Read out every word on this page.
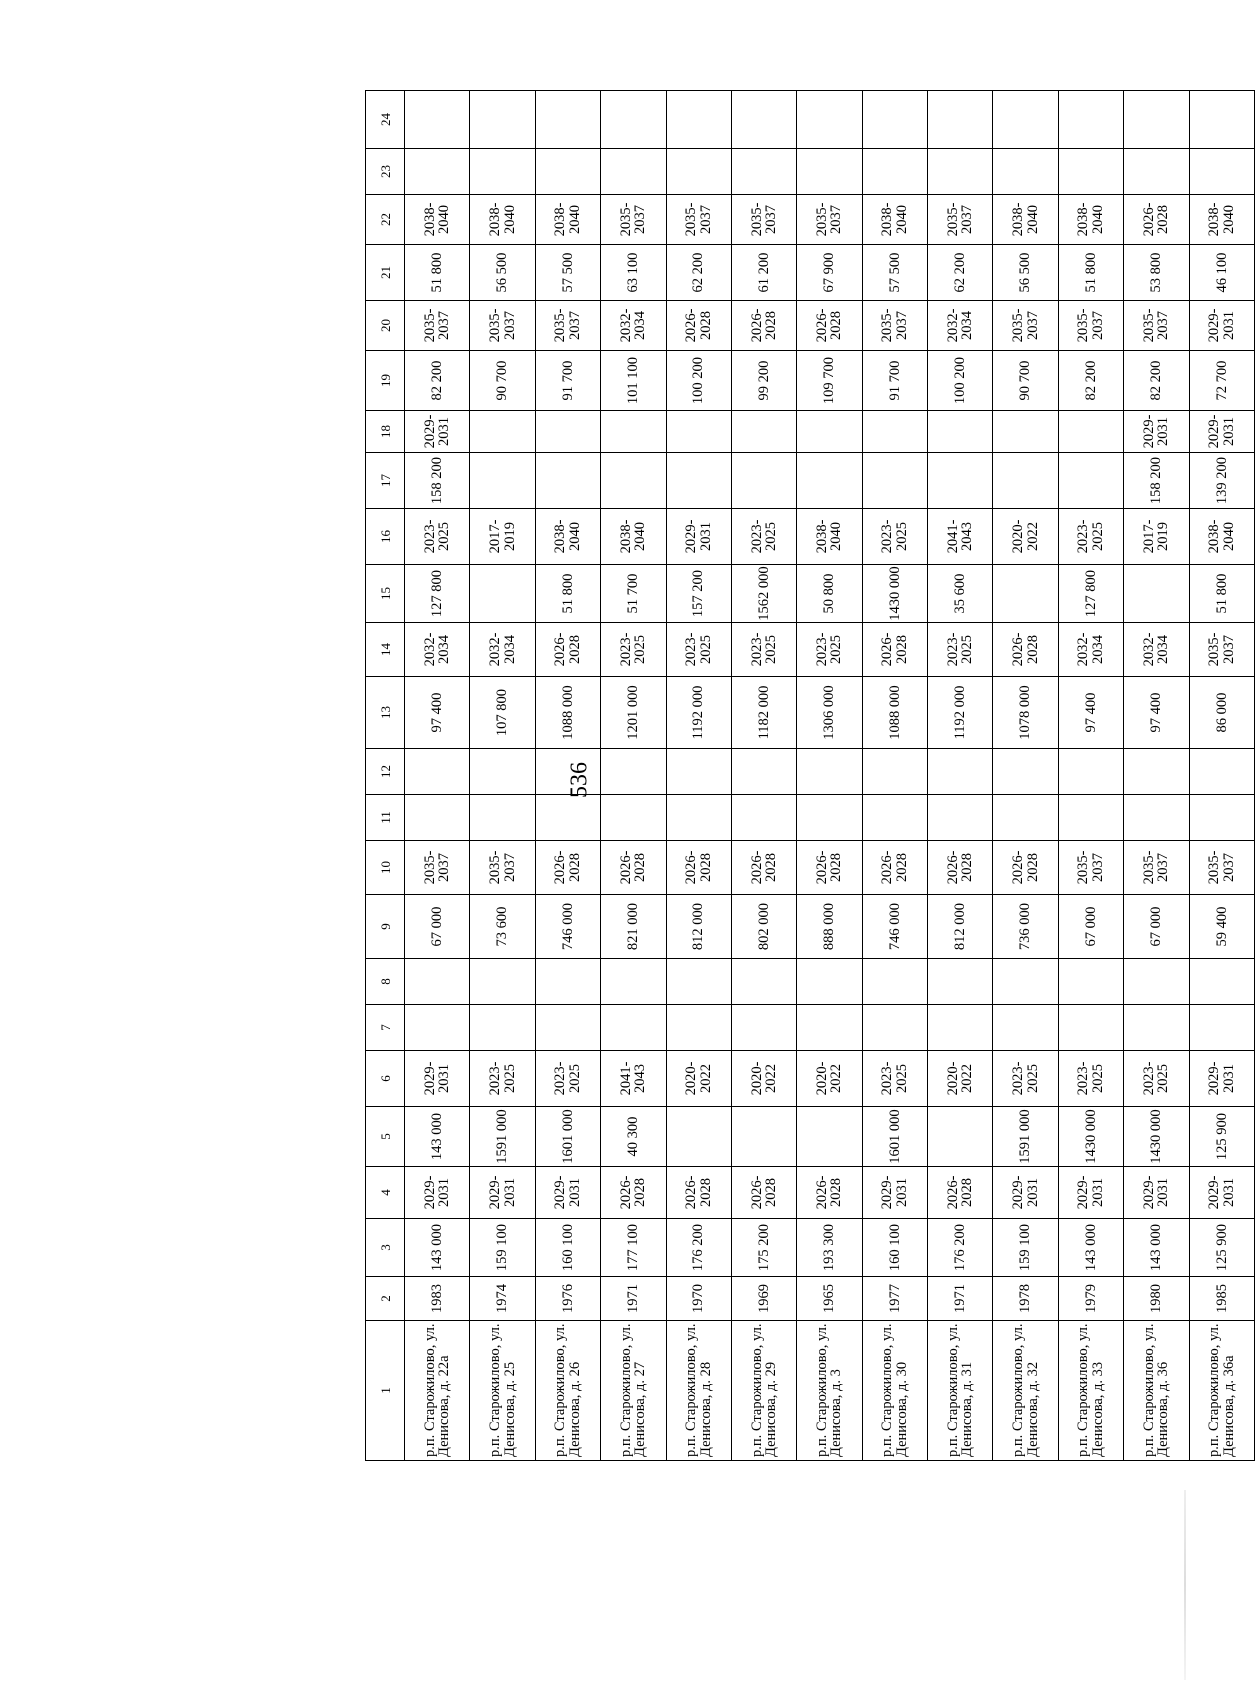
536
1	2	3	4	5	6	7	8	9	10	11	12	13	14	15	16	17	18	19	20	21	22	23	24
р.п. Старожилово, ул. Денисова, д. 22а	1983	143 000	2029-2031	143 000	2029-2031			67 000	2035-2037			97 400	2032-2034	127 800	2023-2025	158 200	2029-2031	82 200	2035-2037	51 800	2038-2040		
р.п. Старожилово, ул. Денисова, д. 25	1974	159 100	2029-2031	1591 000	2023-2025			73 600	2035-2037			107 800	2032-2034		2017-2019			90 700	2035-2037	56 500	2038-2040		
р.п. Старожилово, ул. Денисова, д. 26	1976	160 100	2029-2031	1601 000	2023-2025			746 000	2026-2028			1088 000	2026-2028	51 800	2038-2040			91 700	2035-2037	57 500	2038-2040		
р.п. Старожилово, ул. Денисова, д. 27	1971	177 100	2026-2028	40 300	2041-2043			821 000	2026-2028			1201 000	2023-2025	51 700	2038-2040			101 100	2032-2034	63 100	2035-2037		
р.п. Старожилово, ул. Денисова, д. 28	1970	176 200	2026-2028		2020-2022			812 000	2026-2028			1192 000	2023-2025	157 200	2029-2031			100 200	2026-2028	62 200	2035-2037		
р.п. Старожилово, ул. Денисова, д. 29	1969	175 200	2026-2028		2020-2022			802 000	2026-2028			1182 000	2023-2025	1562 000	2023-2025			99 200	2026-2028	61 200	2035-2037		
р.п. Старожилово, ул. Денисова, д. 3	1965	193 300	2026-2028		2020-2022			888 000	2026-2028			1306 000	2023-2025	50 800	2038-2040			109 700	2026-2028	67 900	2035-2037		
р.п. Старожилово, ул. Денисова, д. 30	1977	160 100	2029-2031	1601 000	2023-2025			746 000	2026-2028			1088 000	2026-2028	1430 000	2023-2025			91 700	2035-2037	57 500	2038-2040		
р.п. Старожилово, ул. Денисова, д. 31	1971	176 200	2026-2028		2020-2022			812 000	2026-2028			1192 000	2023-2025	35 600	2041-2043			100 200	2032-2034	62 200	2035-2037		
р.п. Старожилово, ул. Денисова, д. 32	1978	159 100	2029-2031	1591 000	2023-2025			736 000	2026-2028			1078 000	2026-2028		2020-2022			90 700	2035-2037	56 500	2038-2040		
р.п. Старожилово, ул. Денисова, д. 33	1979	143 000	2029-2031	1430 000	2023-2025			67 000	2035-2037			97 400	2032-2034	127 800	2023-2025			82 200	2035-2037	51 800	2038-2040		
р.п. Старожилово, ул. Денисова, д. 36	1980	143 000	2029-2031	1430 000	2023-2025			67 000	2035-2037			97 400	2032-2034		2017-2019	158 200	2029-2031	82 200	2035-2037	53 800	2026-2028		
р.п. Старожилово, ул. Денисова, д. 36а	1985	125 900	2029-2031	125 900	2029-2031			59 400	2035-2037			86 000	2035-2037	51 800	2038-2040	139 200	2029-2031	72 700	2029-2031	46 100	2038-2040		
